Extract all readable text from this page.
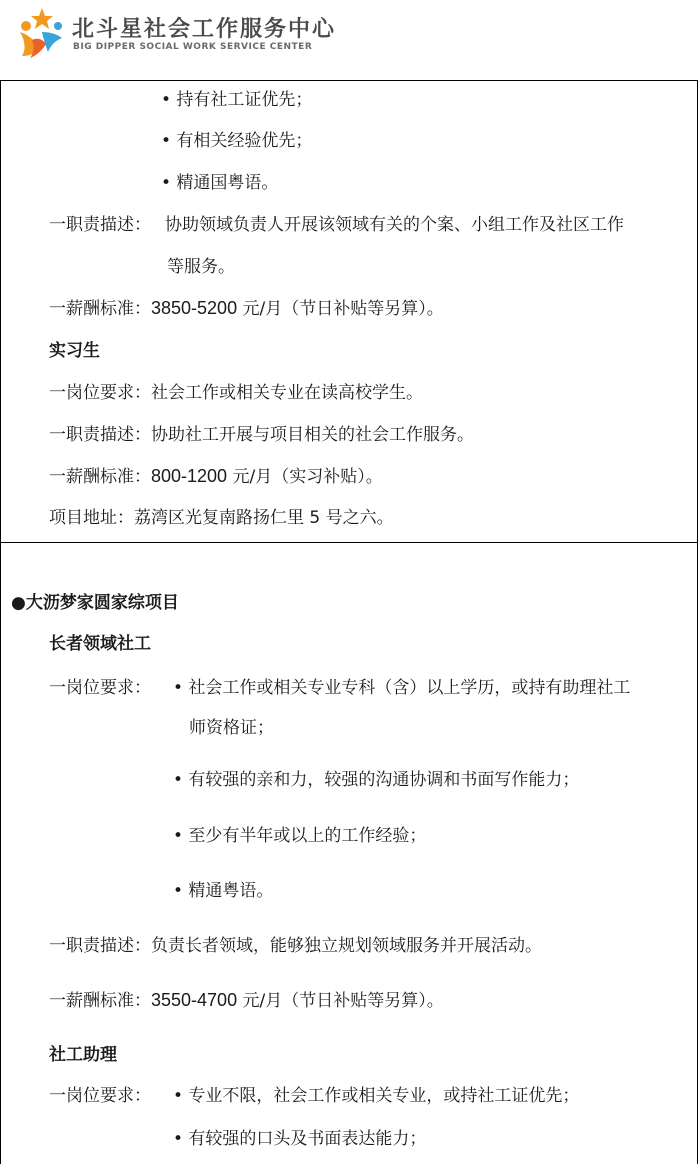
北斗星社会工作服务中心
BIG DIPPER SOCIAL WORK SERVICE CENTER
• 持有社工证优先；
• 有相关经验优先；
• 精通国粤语。
一职责描述： 协助领域负责人开展该领域有关的个案、小组工作及社区工作
等服务。
一薪酬标准：3850-5200 元/月（节日补贴等另算）。
实习生
一岗位要求：社会工作或相关专业在读高校学生。
一职责描述：协助社工开展与项目相关的社会工作服务。
一薪酬标准：800-1200 元/月（实习补贴）。
项目地址：荔湾区光复南路扬仁里 5 号之六。
●大沥梦家圆家综项目
长者领域社工
一岗位要求： • 社会工作或相关专业专科（含）以上学历，或持有助理社工
师资格证；
• 有较强的亲和力，较强的沟通协调和书面写作能力；
• 至少有半年或以上的工作经验；
• 精通粤语。
一职责描述：负责长者领域，能够独立规划领域服务并开展活动。
一薪酬标准：3550-4700 元/月（节日补贴等另算）。
社工助理
一岗位要求： • 专业不限，社会工作或相关专业，或持社工证优先；
• 有较强的口头及书面表达能力；
